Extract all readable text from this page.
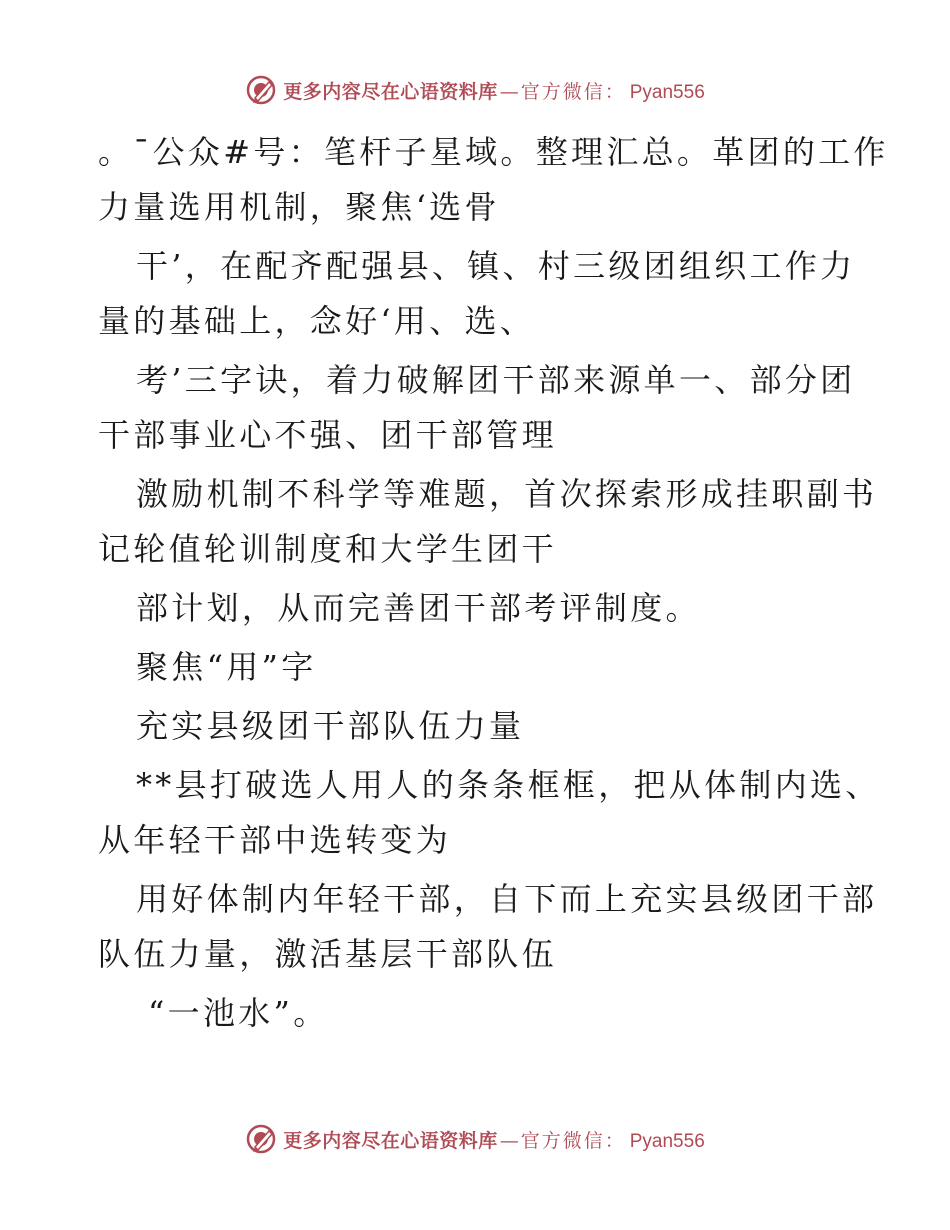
更多内容尽在心语资料库 — 官方微信： Pyan556
。¯公众#号：笔杆子星域。整理汇总。革团的工作
力量选用机制，聚焦‘选骨
干’，在配齐配强县、镇、村三级团组织工作力
量的基础上，念好‘用、选、
考’三字诀，着力破解团干部来源单一、部分团
干部事业心不强、团干部管理
激励机制不科学等难题，首次探索形成挂职副书
记轮值轮训制度和大学生团干
部计划，从而完善团干部考评制度。
聚焦“用”字
充实县级团干部队伍力量
**县打破选人用人的条条框框，把从体制内选、
从年轻干部中选转变为
用好体制内年轻干部，自下而上充实县级团干部
队伍力量，激活基层干部队伍
“一池水”。
更多内容尽在心语资料库 — 官方微信： Pyan556
